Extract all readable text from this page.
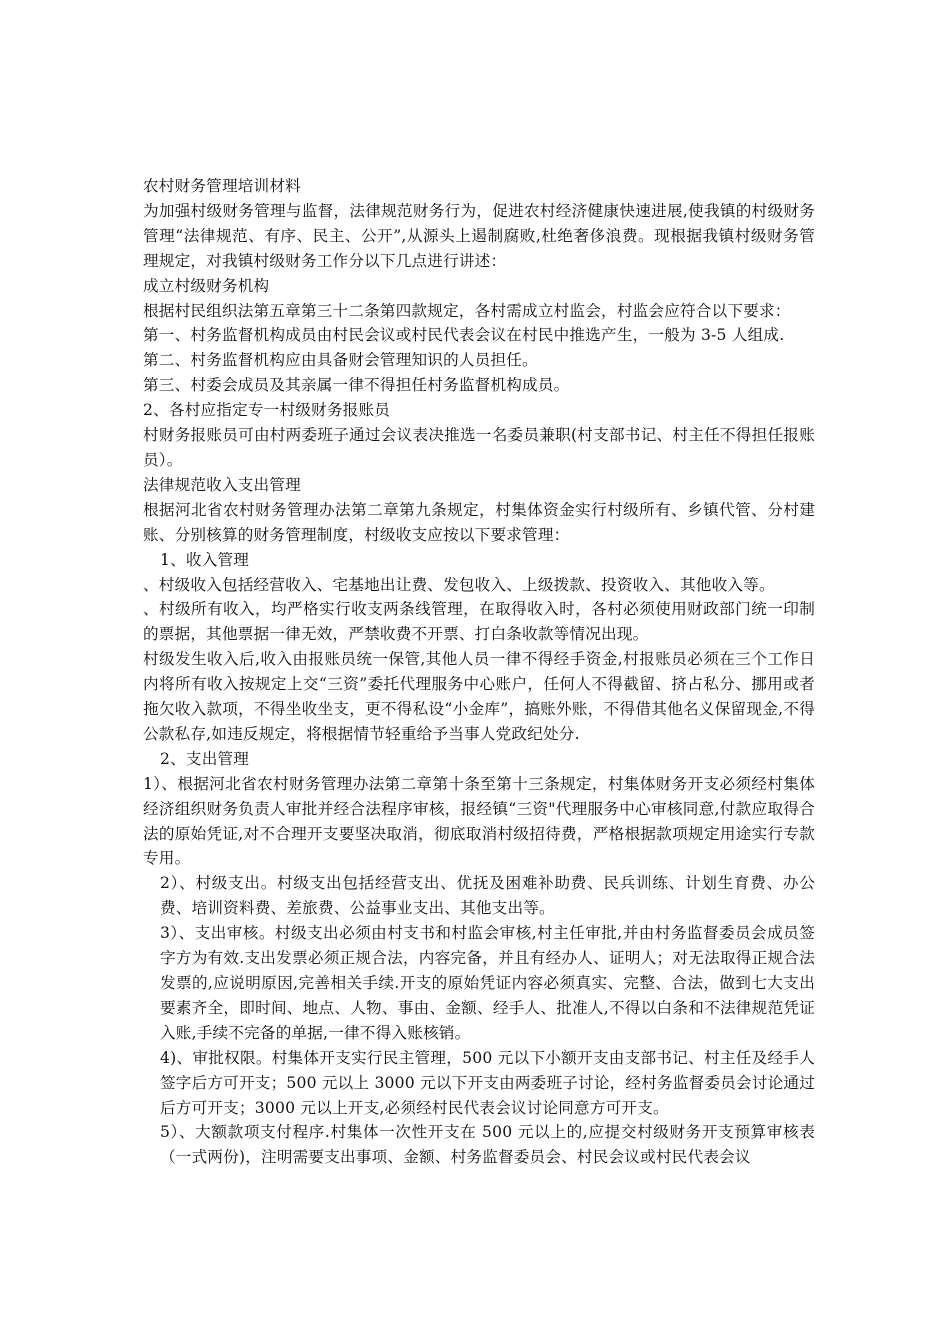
农村财务管理培训材料

为加强村级财务管理与监督，法律规范财务行为，促进农村经济健康快速进展,使我镇的村级财务管理“法律规范、有序、民主、公开”,从源头上遏制腐败,杜绝奢侈浪费。现根据我镇村级财务管理规定，对我镇村级财务工作分以下几点进行讲述：

成立村级财务机构

根据村民组织法第五章第三十二条第四款规定，各村需成立村监会，村监会应符合以下要求：

第一、村务监督机构成员由村民会议或村民代表会议在村民中推选产生，一般为 3-5 人组成.

第二、村务监督机构应由具备财会管理知识的人员担任。

第三、村委会成员及其亲属一律不得担任村务监督机构成员。

2、各村应指定专一村级财务报账员

村财务报账员可由村两委班子通过会议表决推选一名委员兼职(村支部书记、村主任不得担任报账员）。

法律规范收入支出管理

根据河北省农村财务管理办法第二章第九条规定，村集体资金实行村级所有、乡镇代管、分村建账、分别核算的财务管理制度，村级收支应按以下要求管理：

1、收入管理

、村级收入包括经营收入、宅基地出让费、发包收入、上级拨款、投资收入、其他收入等。

、村级所有收入，均严格实行收支两条线管理，在取得收入时，各村必须使用财政部门统一印制的票据，其他票据一律无效，严禁收费不开票、打白条收款等情况出现。

村级发生收入后,收入由报账员统一保管,其他人员一律不得经手资金,村报账员必须在三个工作日内将所有收入按规定上交“三资”委托代理服务中心账户，任何人不得截留、挤占私分、挪用或者拖欠收入款项，不得坐收坐支，更不得私设“小金库”，搞账外账，不得借其他名义保留现金,不得公款私存,如违反规定，将根据情节轻重给予当事人党政纪处分.

2、支出管理

1）、根据河北省农村财务管理办法第二章第十条至第十三条规定，村集体财务开支必须经村集体经济组织财务负责人审批并经合法程序审核，报经镇“三资"代理服务中心审核同意,付款应取得合法的原始凭证,对不合理开支要坚决取消，彻底取消村级招待费，严格根据款项规定用途实行专款专用。

2）、村级支出。村级支出包括经营支出、优抚及困难补助费、民兵训练、计划生育费、办公费、培训资料费、差旅费、公益事业支出、其他支出等。

3）、支出审核。村级支出必须由村支书和村监会审核,村主任审批,并由村务监督委员会成员签字方为有效.支出发票必须正规合法，内容完备，并且有经办人、证明人；对无法取得正规合法发票的,应说明原因,完善相关手续.开支的原始凭证内容必须真实、完整、合法，做到七大支出要素齐全，即时间、地点、人物、事由、金额、经手人、批准人,不得以白条和不法律规范凭证入账,手续不完备的单据,一律不得入账核销。

4)、审批权限。村集体开支实行民主管理，500 元以下小额开支由支部书记、村主任及经手人签字后方可开支；500 元以上 3000 元以下开支由两委班子讨论，经村务监督委员会讨论通过后方可开支；3000 元以上开支,必须经村民代表会议讨论同意方可开支。

5）、大额款项支付程序.村集体一次性开支在 500 元以上的,应提交村级财务开支预算审核表（一式两份)，注明需要支出事项、金额、村务监督委员会、村民会议或村民代表会议
